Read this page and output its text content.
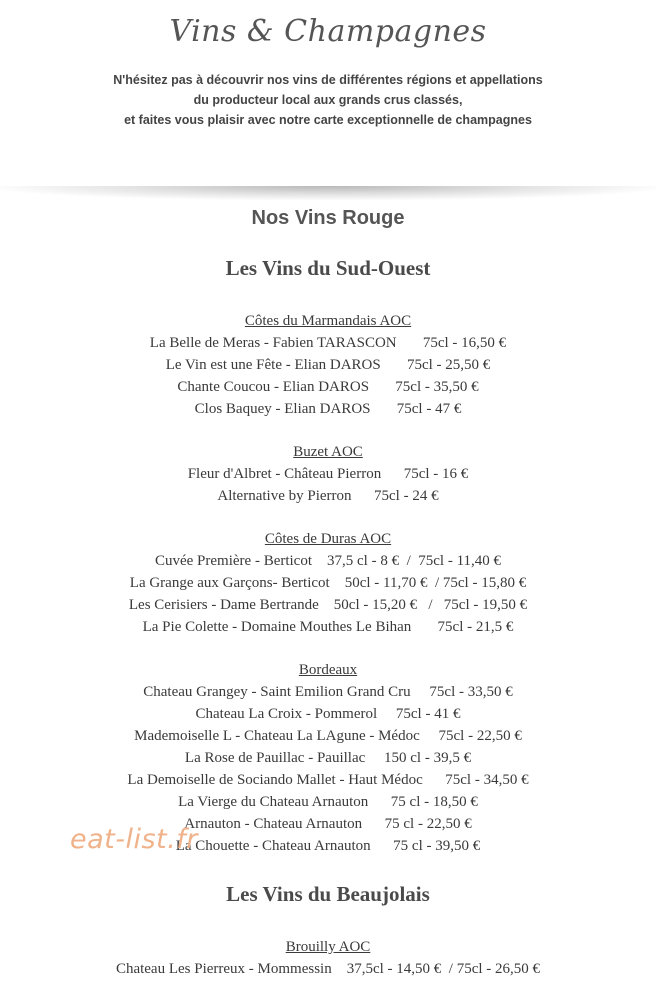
Vins & Champagnes
N'hésitez pas à découvrir nos vins de différentes régions et appellations
du producteur local aux grands crus classés,
et faites vous plaisir avec notre carte exceptionnelle de champagnes
Nos Vins Rouge
Les Vins du Sud-Ouest
Côtes du Marmandais AOC
La Belle de Meras - Fabien TARASCON       75cl - 16,50 €
Le Vin est une Fête - Elian DAROS       75cl - 25,50 €
Chante Coucou - Elian DAROS       75cl - 35,50 €
Clos Baquey - Elian DAROS       75cl - 47 €
Buzet AOC
Fleur d'Albret - Château Pierron      75cl - 16 €
Alternative by Pierron      75cl - 24 €
Côtes de Duras AOC
Cuvée Première - Berticot    37,5 cl - 8 €  /  75cl - 11,40 €
La Grange aux Garçons- Berticot    50cl - 11,70 €  / 75cl - 15,80 €
Les Cerisiers - Dame Bertrande    50cl - 15,20 €   /   75cl - 19,50 €
La Pie Colette - Domaine Mouthes Le Bihan       75cl - 21,5 €
Bordeaux
Chateau Grangey - Saint Emilion Grand Cru     75cl - 33,50 €
Chateau La Croix - Pommerol     75cl - 41 €
Mademoiselle L - Chateau La LAgune - Médoc     75cl - 22,50 €
La Rose de Pauillac - Pauillac     150 cl - 39,5 €
La Demoiselle de Sociando Mallet - Haut Médoc      75cl - 34,50 €
La Vierge du Chateau Arnauton      75 cl - 18,50 €
Arnauton - Chateau Arnauton      75 cl - 22,50 €
La Chouette - Chateau Arnauton      75 cl - 39,50 €
Les Vins du Beaujolais
Brouilly AOC
Chateau Les Pierreux - Mommessin    37,5cl - 14,50 €  / 75cl - 26,50 €
eat-list.fr
